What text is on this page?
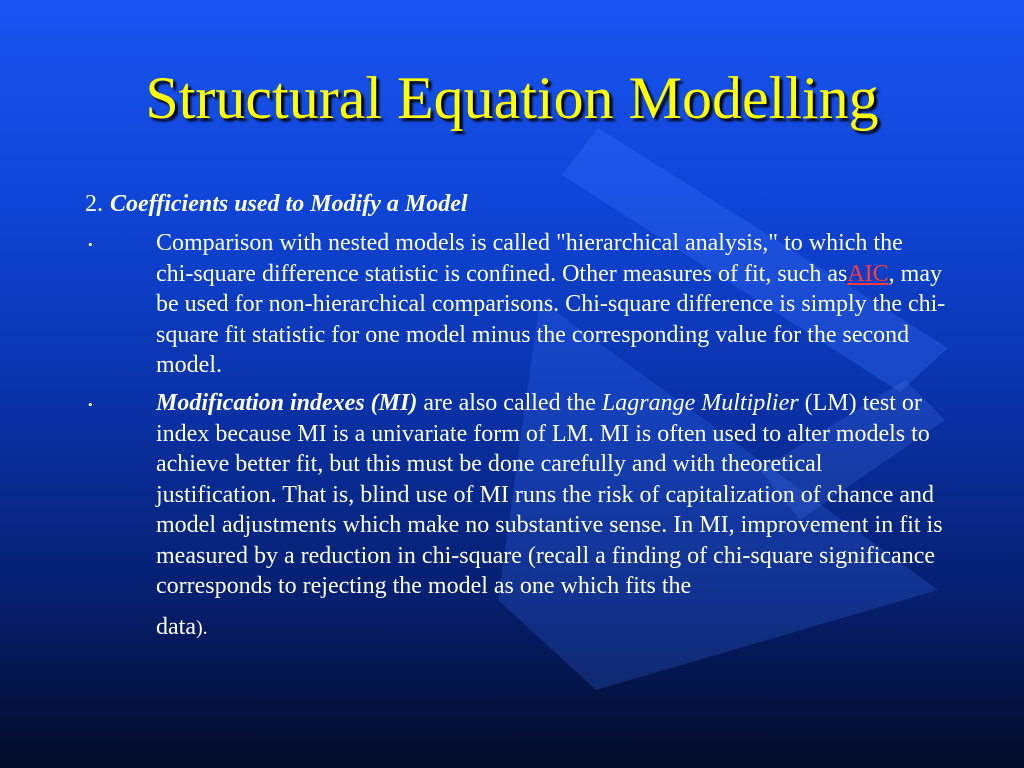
Structural Equation Modelling

2. Coefficients used to Modify a Model

•	Comparison with nested models is called "hierarchical analysis," to which the chi-square difference statistic is confined. Other measures of fit, such asAIC, may be used for non-hierarchical comparisons. Chi-square difference is simply the chi-square fit statistic for one model minus the corresponding value for the second model.

•	Modification indexes (MI) are also called the Lagrange Multiplier (LM) test or index because MI is a univariate form of LM. MI is often used to alter models to achieve better fit, but this must be done carefully and with theoretical justification. That is, blind use of MI runs the risk of capitalization of chance and model adjustments which make no substantive sense. In MI, improvement in fit is measured by a reduction in chi-square (recall a finding of chi-square significance corresponds to rejecting the model as one which fits the
data).
